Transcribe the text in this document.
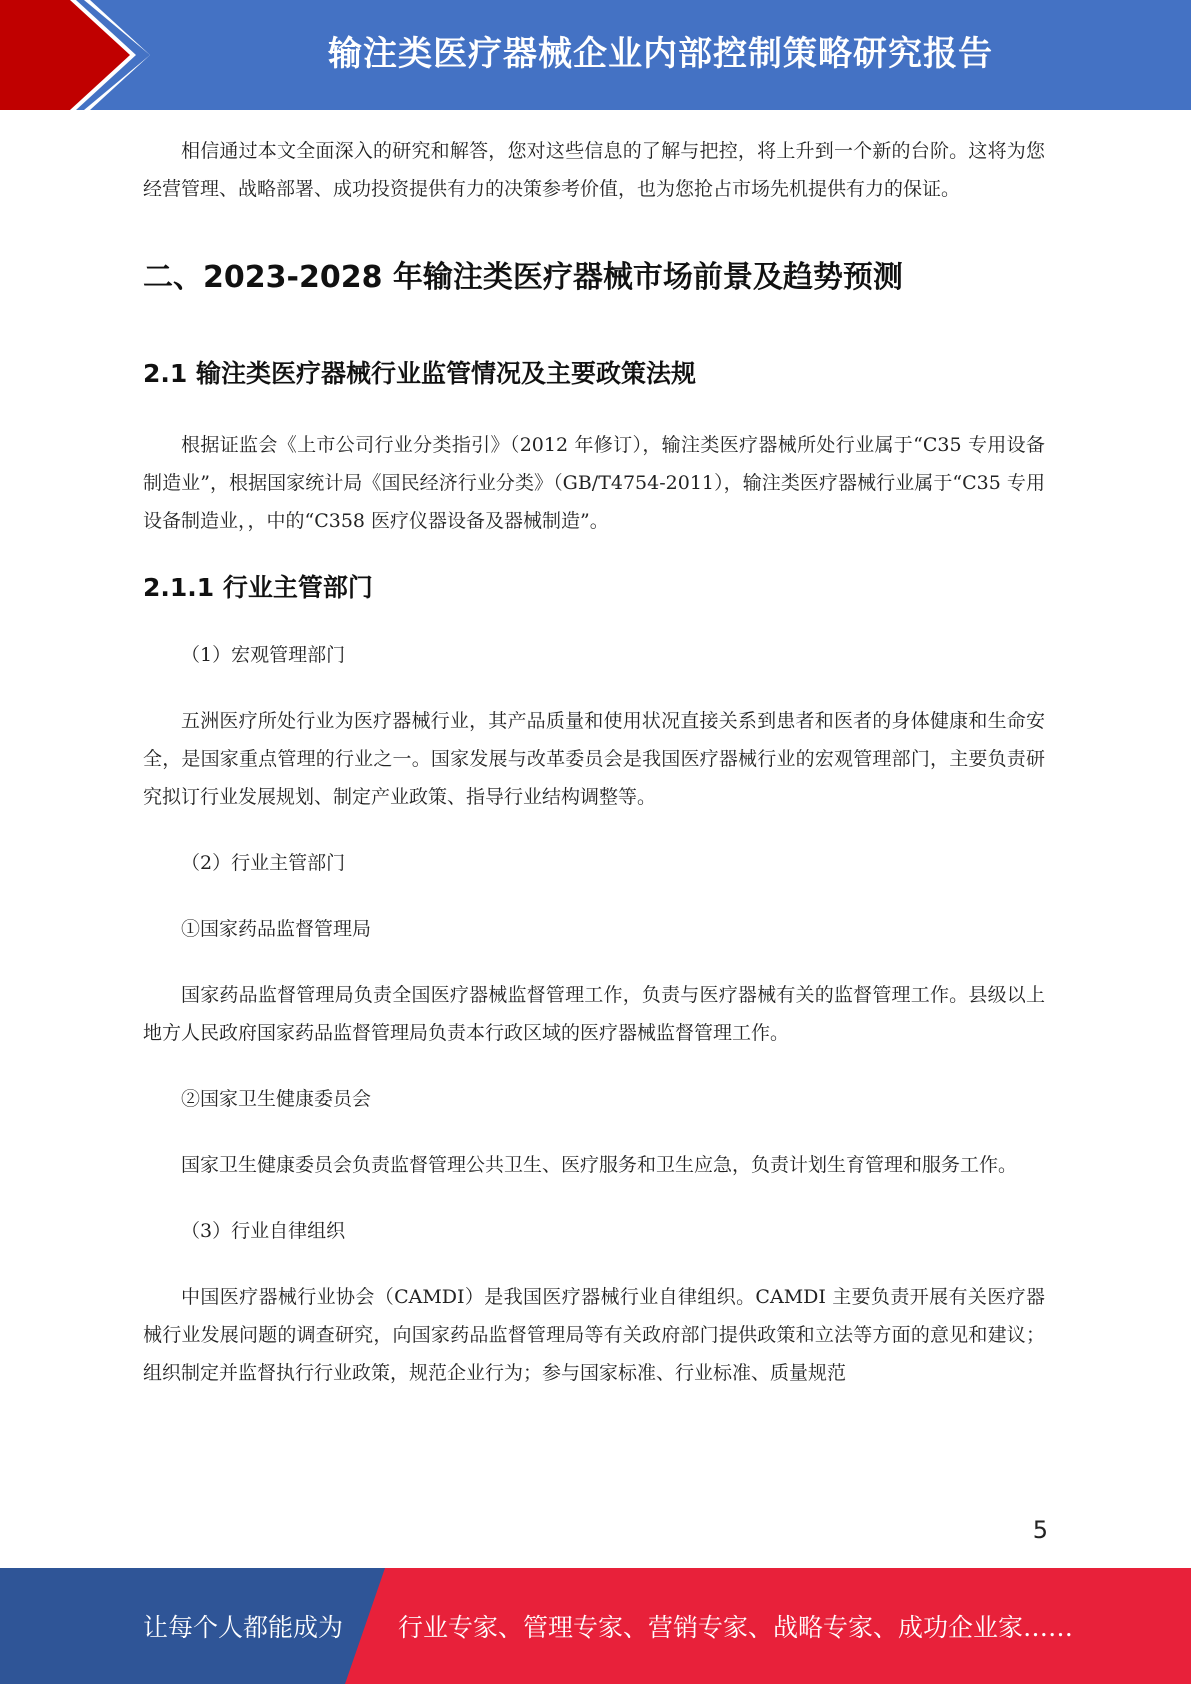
输注类医疗器械企业内部控制策略研究报告

相信通过本文全面深入的研究和解答，您对这些信息的了解与把控，将上升到一个新的台阶。这将为您经营管理、战略部署、成功投资提供有力的决策参考价值，也为您抢占市场先机提供有力的保证。

二、2023-2028 年输注类医疗器械市场前景及趋势预测
2.1 输注类医疗器械行业监管情况及主要政策法规

根据证监会《上市公司行业分类指引》（2012 年修订），输注类医疗器械所处行业属于“C35 专用设备制造业”，根据国家统计局《国民经济行业分类》（GB/T4754-2011），输注类医疗器械行业属于“C35 专用设备制造业，，中的“C358 医疗仪器设备及器械制造”。

2.1.1 行业主管部门

（1）宏观管理部门

五洲医疗所处行业为医疗器械行业，其产品质量和使用状况直接关系到患者和医者的身体健康和生命安全，是国家重点管理的行业之一。国家发展与改革委员会是我国医疗器械行业的宏观管理部门，主要负责研究拟订行业发展规划、制定产业政策、指导行业结构调整等。

（2）行业主管部门

①国家药品监督管理局

国家药品监督管理局负责全国医疗器械监督管理工作，负责与医疗器械有关的监督管理工作。县级以上地方人民政府国家药品监督管理局负责本行政区域的医疗器械监督管理工作。

②国家卫生健康委员会

国家卫生健康委员会负责监督管理公共卫生、医疗服务和卫生应急，负责计划生育管理和服务工作。

（3）行业自律组织

中国医疗器械行业协会（CAMDI）是我国医疗器械行业自律组织。CAMDI 主要负责开展有关医疗器械行业发展问题的调查研究，向国家药品监督管理局等有关政府部门提供政策和立法等方面的意见和建议；组织制定并监督执行行业政策，规范企业行为；参与国家标准、行业标准、质量规范

5
让每个人都能成为 行业专家、管理专家、营销专家、战略专家、成功企业家……
